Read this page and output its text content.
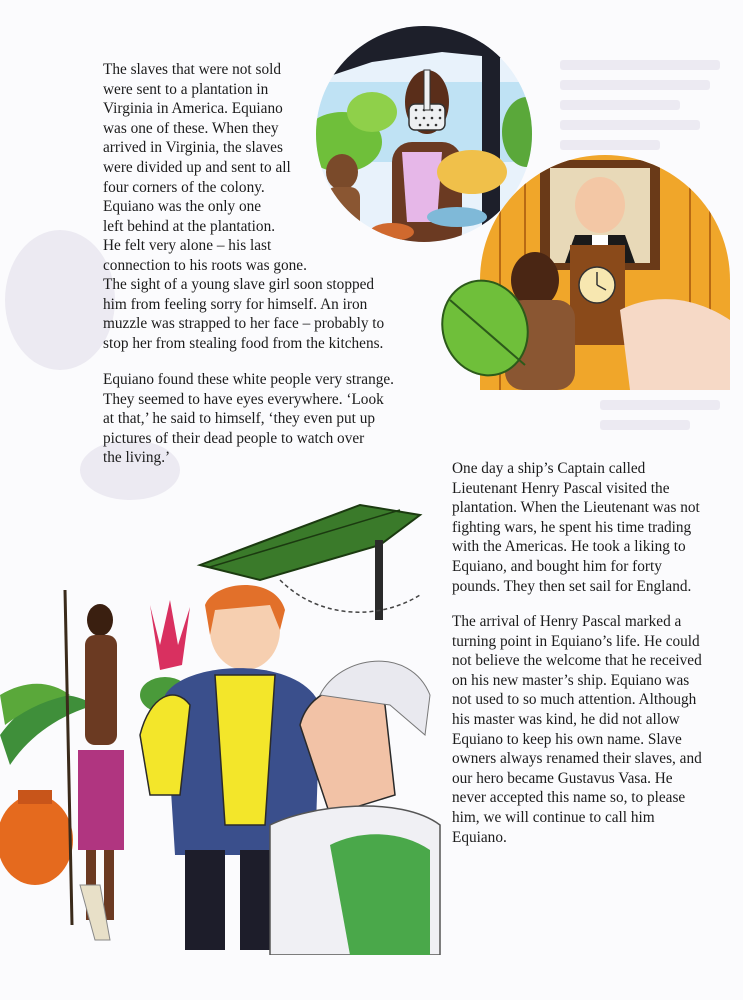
The slaves that were not sold
were sent to a plantation in
Virginia in America. Equiano
was one of these. When they
arrived in Virginia, the slaves
were divided up and sent to all
four corners of the colony.
Equiano was the only one
left behind at the plantation.
He felt very alone – his last
connection to his roots was gone.

The sight of a young slave girl soon stopped
him from feeling sorry for himself. An iron
muzzle was strapped to her face – probably to
stop her from stealing food from the kitchens.

Equiano found these white people very strange.
They seemed to have eyes everywhere. ‘Look
at that,’ he said to himself, ‘they even put up
pictures of their dead people to watch over
the living.’

One day a ship’s Captain called
Lieutenant Henry Pascal visited the
plantation. When the Lieutenant was not
fighting wars, he spent his time trading
with the Americas. He took a liking to
Equiano, and bought him for forty
pounds. They then set sail for England.

The arrival of Henry Pascal marked a
turning point in Equiano’s life. He could
not believe the welcome that he received
on his new master’s ship. Equiano was
not used to so much attention. Although
his master was kind, he did not allow
Equiano to keep his own name. Slave
owners always renamed their slaves, and
our hero became Gustavus Vasa. He
never accepted this name so, to please
him, we will continue to call him
Equiano.
